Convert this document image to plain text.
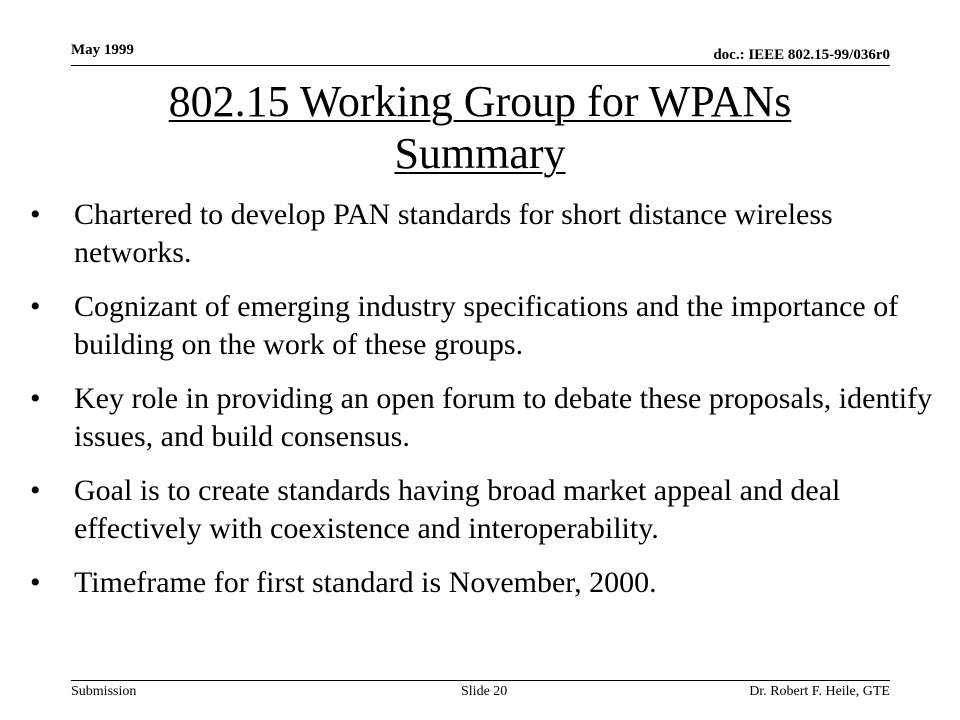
May 1999	doc.: IEEE 802.15-99/036r0
802.15 Working Group for WPANs
Summary
• Chartered to develop PAN standards for short distance wireless networks.
• Cognizant of emerging industry specifications and the importance of building on the work of these groups.
• Key role in providing an open forum to debate these proposals, identify issues, and build consensus.
• Goal is to create standards having broad market appeal and deal effectively with coexistence and interoperability.
• Timeframe for first standard is November, 2000.
Submission	Slide 20	Dr. Robert F. Heile, GTE
